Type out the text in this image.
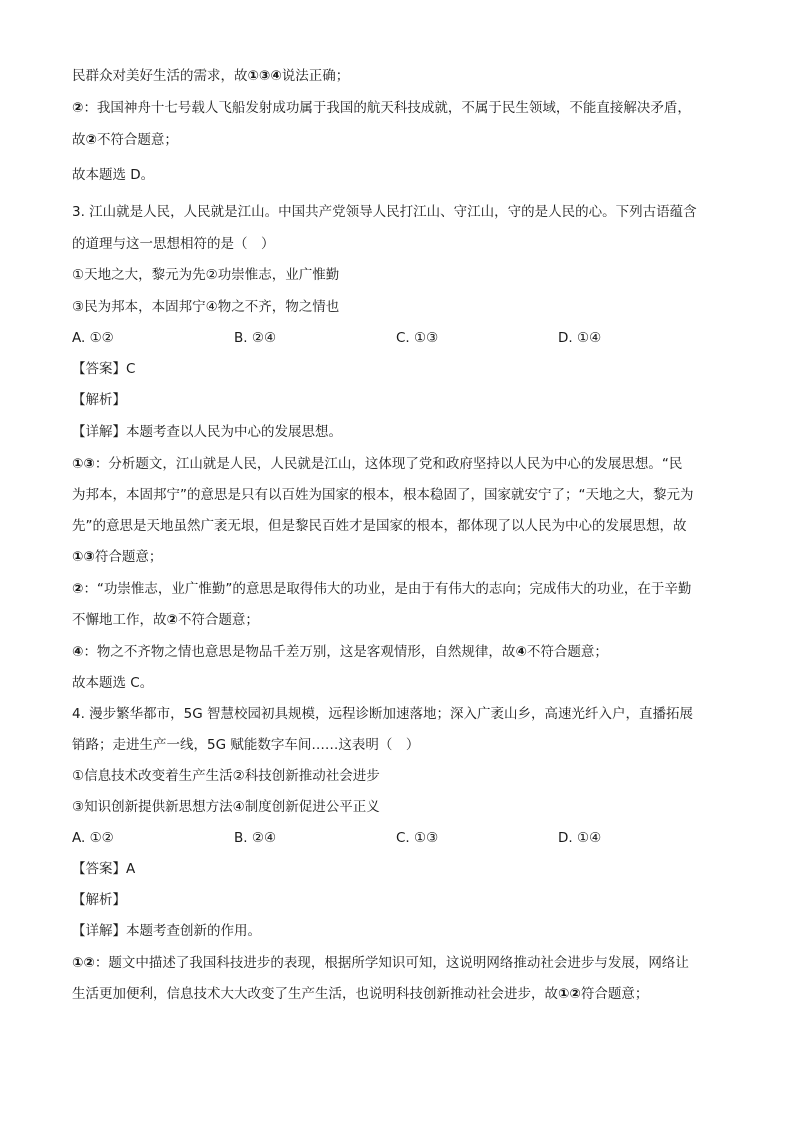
民群众对美好生活的需求，故①③④说法正确；
②：我国神舟十七号载人飞船发射成功属于我国的航天科技成就，不属于民生领域，不能直接解决矛盾，
故②不符合题意；
故本题选 D。
3. 江山就是人民，人民就是江山。中国共产党领导人民打江山、守江山，守的是人民的心。下列古语蕴含
的道理与这一思想相符的是（　）
①天地之大，黎元为先②功崇惟志，业广惟勤
③民为邦本，本固邦宁④物之不齐，物之情也
A. ①②	B. ②④	C. ①③	D. ①④
【答案】C
【解析】
【详解】本题考查以人民为中心的发展思想。
①③：分析题文，江山就是人民，人民就是江山，这体现了党和政府坚持以人民为中心的发展思想。“民
为邦本，本固邦宁”的意思是只有以百姓为国家的根本，根本稳固了，国家就安宁了；“天地之大，黎元为
先”的意思是天地虽然广袤无垠，但是黎民百姓才是国家的根本，都体现了以人民为中心的发展思想，故
①③符合题意；
②：“功崇惟志，业广惟勤”的意思是取得伟大的功业，是由于有伟大的志向；完成伟大的功业，在于辛勤
不懈地工作，故②不符合题意；
④：物之不齐物之情也意思是物品千差万别，这是客观情形，自然规律，故④不符合题意；
故本题选 C。
4. 漫步繁华都市，5G 智慧校园初具规模，远程诊断加速落地；深入广袤山乡，高速光纤入户，直播拓展
销路；走进生产一线，5G 赋能数字车间……这表明（　）
①信息技术改变着生产生活②科技创新推动社会进步
③知识创新提供新思想方法④制度创新促进公平正义
A. ①②	B. ②④	C. ①③	D. ①④
【答案】A
【解析】
【详解】本题考查创新的作用。
①②：题文中描述了我国科技进步的表现，根据所学知识可知，这说明网络推动社会进步与发展，网络让
生活更加便利，信息技术大大改变了生产生活，也说明科技创新推动社会进步，故①②符合题意；
